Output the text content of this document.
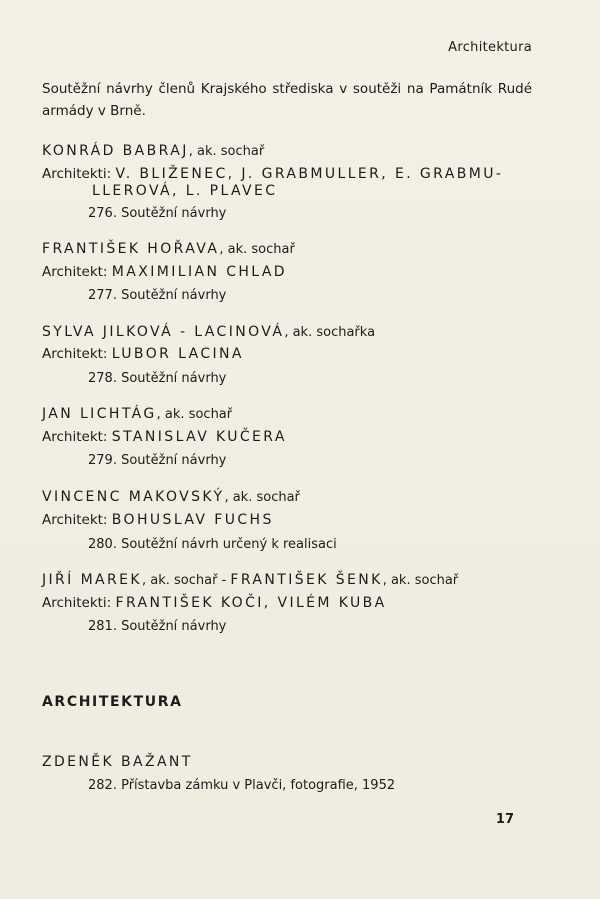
Architektura
Soutěžní návrhy členů Krajského střediska v soutěži na Památník Rudé armády v Brně.
KONRÁD BABRAJ, ak. sochař
Architekti: V. BLIŽENEC, J. GRABMULLER, E. GRABMU-
LLEROVÁ, L. PLAVEC
276. Soutěžní návrhy
FRANTIŠEK HOŘAVA, ak. sochař
Architekt: MAXIMILIAN CHLAD
277. Soutěžní návrhy
SYLVA JILKOVÁ - LACINOVÁ, ak. sochařka
Architekt: LUBOR LACINA
278. Soutěžní návrhy
JAN LICHTÁG, ak. sochař
Architekt: STANISLAV KUČERA
279. Soutěžní návrhy
VINCENC MAKOVSKÝ, ak. sochař
Architekt: BOHUSLAV FUCHS
280. Soutěžní návrh určený k realisaci
JIŘÍ MAREK, ak. sochař - FRANTIŠEK ŠENK, ak. sochař
Architekti: FRANTIŠEK KOČI, VILÉM KUBA
281. Soutěžní návrhy
ARCHITEKTURA
ZDENĚK BAŽANT
282. Přístavba zámku v Plavči, fotografie, 1952
17
